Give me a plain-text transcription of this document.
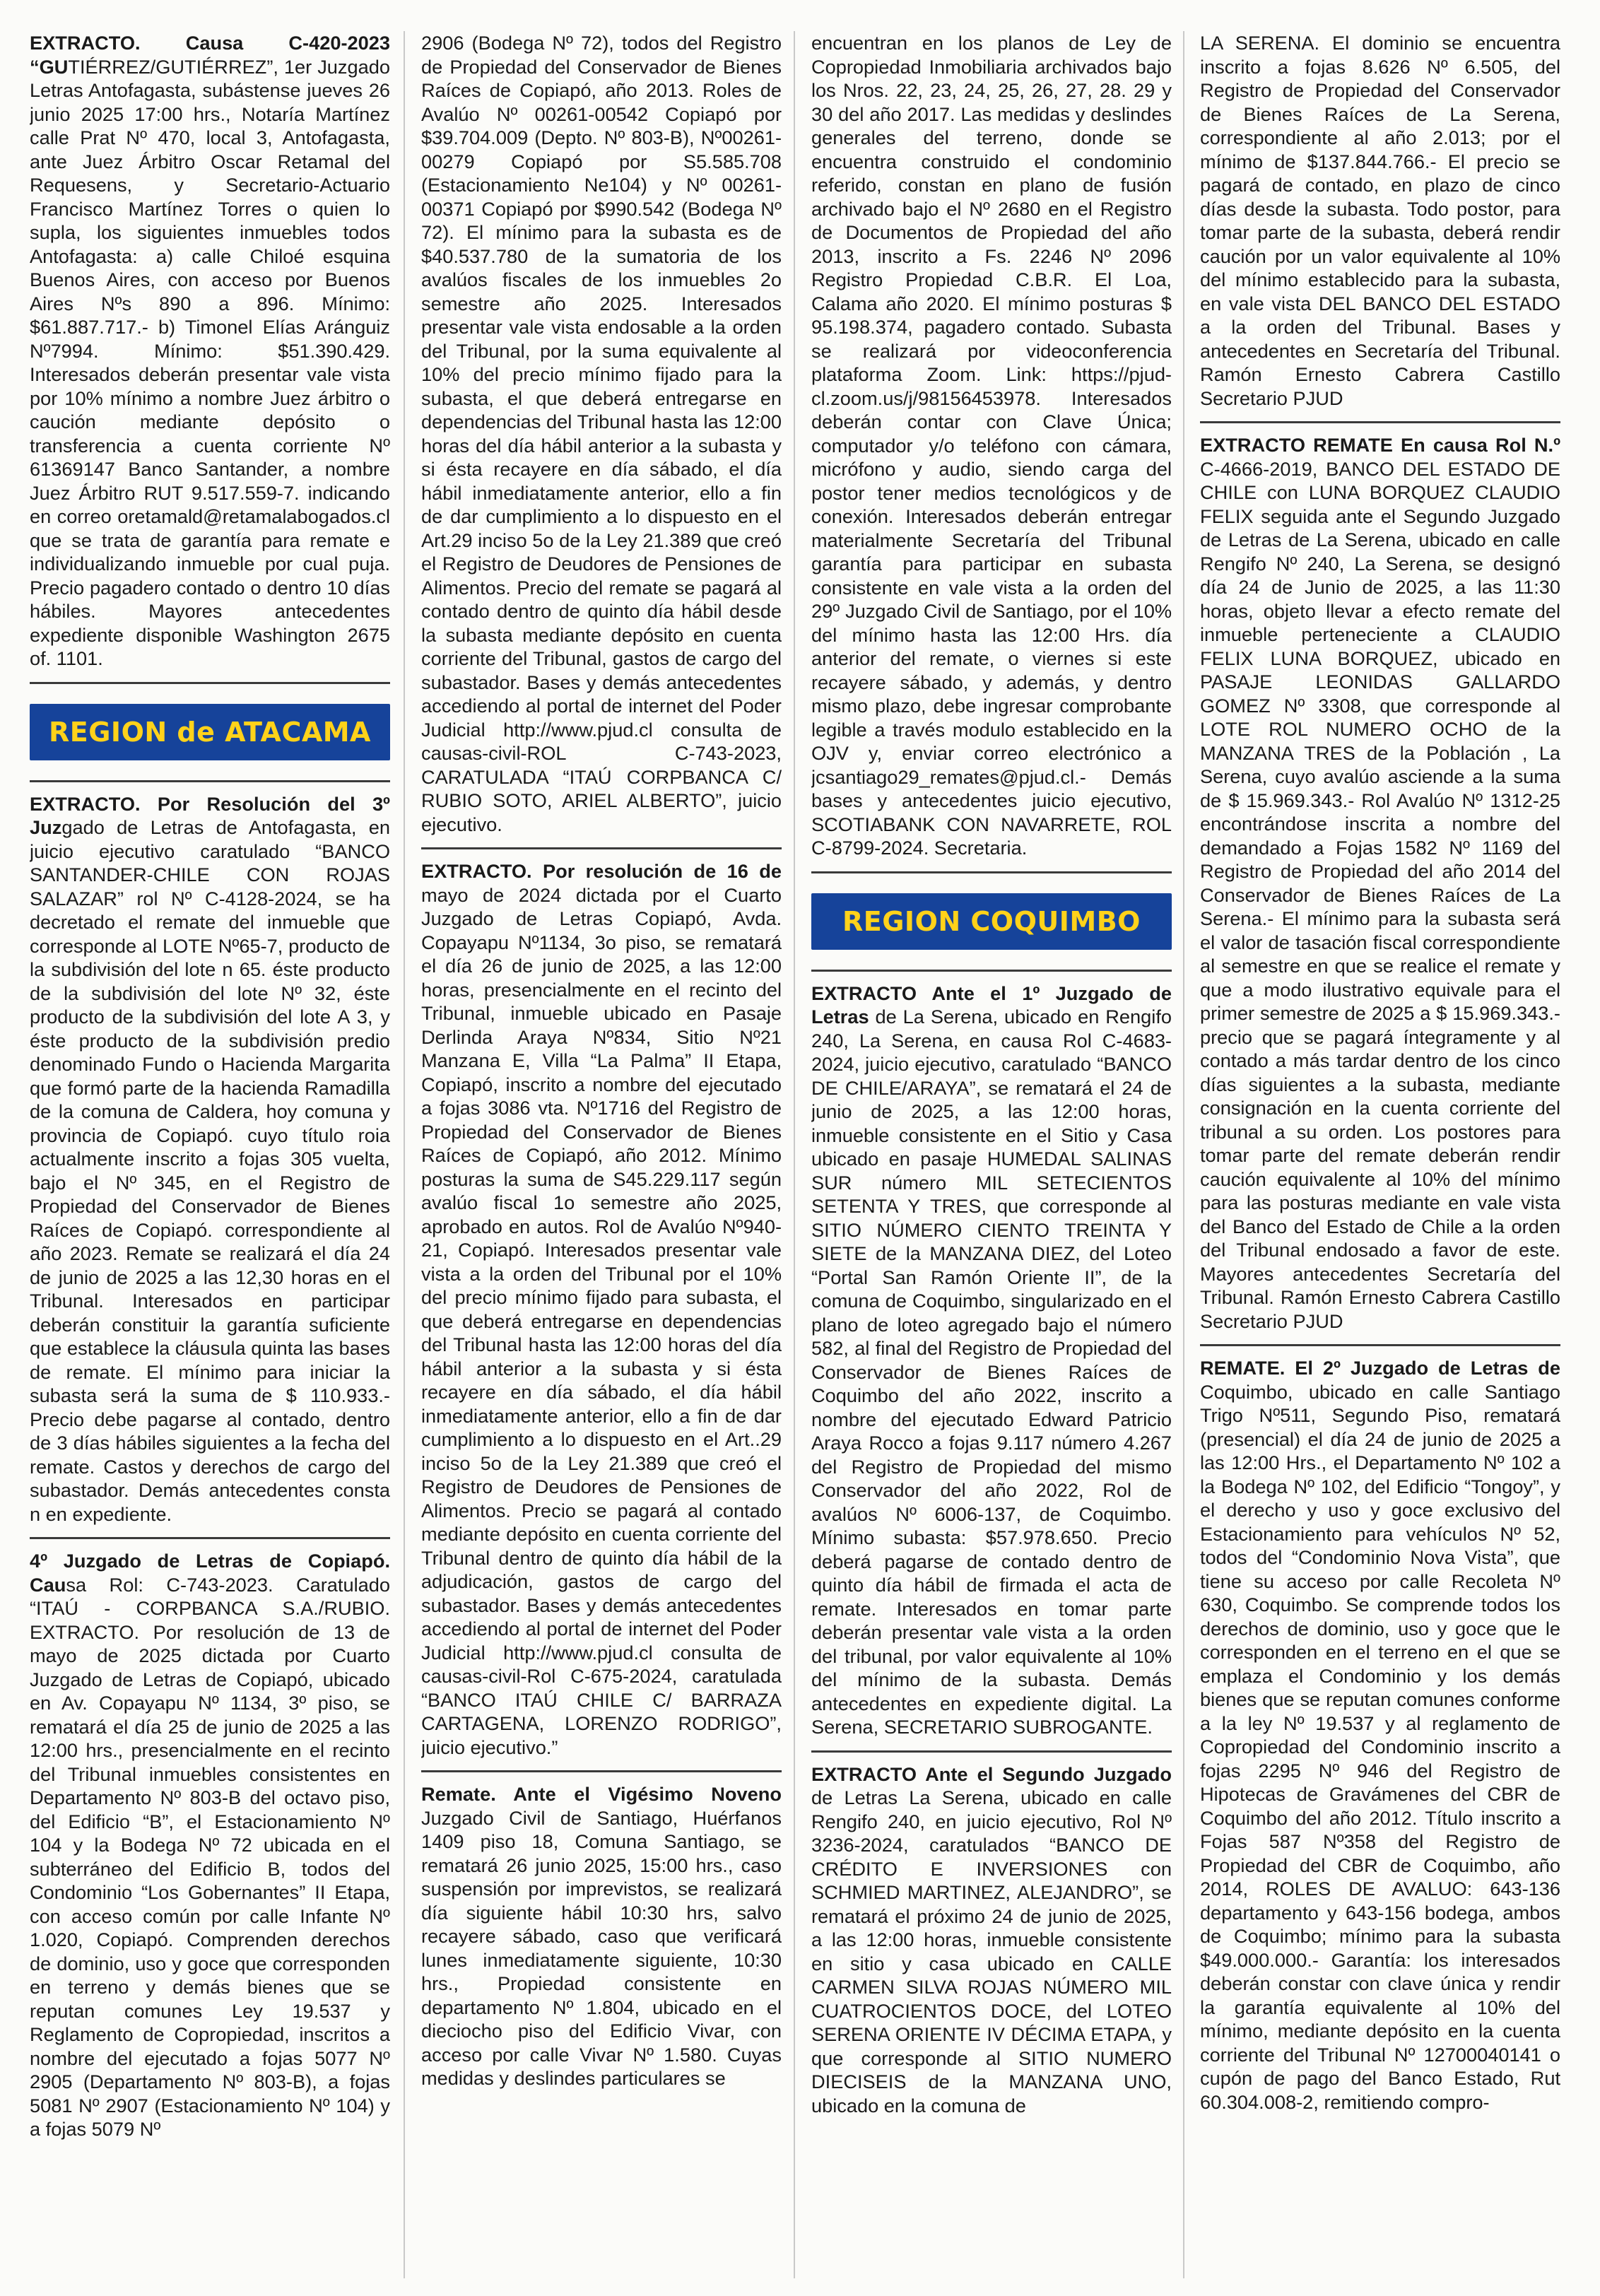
EXTRACTO. Causa C-420-2023 “GUTIÉRREZ/GUTIÉRREZ”, 1er Juzgado Letras Antofagasta, subástense jueves 26 junio 2025 17:00 hrs., Notaría Martínez calle Prat Nº 470, local 3, Antofagasta, ante Juez Árbitro Oscar Retamal del Requesens, y Secretario-Actuario Francisco Martínez Torres o quien lo supla, los siguientes inmuebles todos Antofagasta: a) calle Chiloé esquina Buenos Aires, con acceso por Buenos Aires Nºs 890 a 896. Mínimo: $61.887.717.- b) Timonel Elías Aránguiz Nº7994. Mínimo: $51.390.429. Interesados deberán presentar vale vista por 10% mínimo a nombre Juez árbitro o caución mediante depósito o transferencia a cuenta corriente Nº 61369147 Banco Santander, a nombre Juez Árbitro RUT 9.517.559-7. indicando en correo oretamald@retamalabogados.cl que se trata de garantía para remate e individualizando inmueble por cual puja. Precio pagadero contado o dentro 10 días hábiles. Mayores antecedentes expediente disponible Washington 2675 of. 1101.

REGION de ATACAMA

EXTRACTO. Por Resolución del 3º Juzgado de Letras de Antofagasta, en juicio ejecutivo caratulado “BANCO SANTANDER-CHILE CON ROJAS SALAZAR” rol Nº C-4128-2024, se ha decretado el remate del inmueble que corresponde al LOTE Nº65-7, producto de la subdivisión del lote n 65. éste producto de la subdivisión del lote Nº 32, éste producto de la subdivisión del lote A 3, y éste producto de la subdivisión predio denominado Fundo o Hacienda Margarita que formó parte de la hacienda Ramadilla de la comuna de Caldera, hoy comuna y provincia de Copiapó. cuyo título roia actualmente inscrito a fojas 305 vuelta, bajo el Nº 345, en el Registro de Propiedad del Conservador de Bienes Raíces de Copiapó. correspondiente al año 2023. Remate se realizará el día 24 de junio de 2025 a las 12,30 horas en el Tribunal. Interesados en participar deberán constituir la garantía suficiente que establece la cláusula quinta las bases de remate. El mínimo para iniciar la subasta será la suma de $ 110.933.- Precio debe pagarse al contado, dentro de 3 días hábiles siguientes a la fecha del remate. Castos y derechos de cargo del subastador. Demás antecedentes consta n en expediente.

4º Juzgado de Letras de Copiapó. Causa Rol: C-743-2023. Caratulado “ITAÚ - CORPBANCA S.A./RUBIO. EXTRACTO. Por resolución de 13 de mayo de 2025 dictada por Cuarto Juzgado de Letras de Copiapó, ubicado en Av. Copayapu Nº 1134, 3º piso, se rematará el día 25 de junio de 2025 a las 12:00 hrs., presencialmente en el recinto del Tribunal inmuebles consistentes en Departamento Nº 803-B del octavo piso, del Edificio “B”, el Estacionamiento Nº 104 y la Bodega Nº 72 ubicada en el subterráneo del Edificio B, todos del Condominio “Los Gobernantes” II Etapa, con acceso común por calle Infante Nº 1.020, Copiapó. Comprenden derechos de dominio, uso y goce que corresponden en terreno y demás bienes que se reputan comunes Ley 19.537 y Reglamento de Copropiedad, inscritos a nombre del ejecutado a fojas 5077 Nº 2905 (Departamento Nº 803-B), a fojas 5081 Nº 2907 (Estacionamiento Nº 104) y a fojas 5079 Nº

2906 (Bodega Nº 72), todos del Registro de Propiedad del Conservador de Bienes Raíces de Copiapó, año 2013. Roles de Avalúo Nº 00261-00542 Copiapó por $39.704.009 (Depto. Nº 803-B), Nº00261-00279 Copiapó por S5.585.708 (Estacionamiento Ne104) y Nº 00261-00371 Copiapó por $990.542 (Bodega Nº 72). El mínimo para la subasta es de $40.537.780 de la sumatoria de los avalúos fiscales de los inmuebles 2o semestre año 2025. Interesados presentar vale vista endosable a la orden del Tribunal, por la suma equivalente al 10% del precio mínimo fijado para la subasta, el que deberá entregarse en dependencias del Tribunal hasta las 12:00 horas del día hábil anterior a la subasta y si ésta recayere en día sábado, el día hábil inmediatamente anterior, ello a fin de dar cumplimiento a lo dispuesto en el Art.29 inciso 5o de la Ley 21.389 que creó el Registro de Deudores de Pensiones de Alimentos. Precio del remate se pagará al contado dentro de quinto día hábil desde la subasta mediante depósito en cuenta corriente del Tribunal, gastos de cargo del subastador. Bases y demás antecedentes accediendo al portal de internet del Poder Judicial http://www.pjud.cl consulta de causas-civil-ROL C-743-2023, CARATULADA “ITAÚ CORPBANCA C/ RUBIO SOTO, ARIEL ALBERTO”, juicio ejecutivo.

EXTRACTO. Por resolución de 16 de mayo de 2024 dictada por el Cuarto Juzgado de Letras Copiapó, Avda. Copayapu Nº1134, 3o piso, se rematará el día 26 de junio de 2025, a las 12:00 horas, presencialmente en el recinto del Tribunal, inmueble ubicado en Pasaje Derlinda Araya Nº834, Sitio Nº21 Manzana E, Villa “La Palma” II Etapa, Copiapó, inscrito a nombre del ejecutado a fojas 3086 vta. Nº1716 del Registro de Propiedad del Conservador de Bienes Raíces de Copiapó, año 2012. Mínimo posturas la suma de S45.229.117 según avalúo fiscal 1o semestre año 2025, aprobado en autos. Rol de Avalúo Nº940-21, Copiapó. Interesados presentar vale vista a la orden del Tribunal por el 10% del precio mínimo fijado para subasta, el que deberá entregarse en dependencias del Tribunal hasta las 12:00 horas del día hábil anterior a la subasta y si ésta recayere en día sábado, el día hábil inmediatamente anterior, ello a fin de dar cumplimiento a lo dispuesto en el Art..29 inciso 5o de la Ley 21.389 que creó el Registro de Deudores de Pensiones de Alimentos. Precio se pagará al contado mediante depósito en cuenta corriente del Tribunal dentro de quinto día hábil de la adjudicación, gastos de cargo del subastador. Bases y demás antecedentes accediendo al portal de internet del Poder Judicial http://www.pjud.cl consulta de causas-civil-Rol C-675-2024, caratulada “BANCO ITAÚ CHILE C/ BARRAZA CARTAGENA, LORENZO RODRIGO”, juicio ejecutivo.”

Remate. Ante el Vigésimo Noveno Juzgado Civil de Santiago, Huérfanos 1409 piso 18, Comuna Santiago, se rematará 26 junio 2025, 15:00 hrs., caso suspensión por imprevistos, se realizará día siguiente hábil 10:30 hrs, salvo recayere sábado, caso que verificará lunes inmediatamente siguiente, 10:30 hrs., Propiedad consistente en departamento Nº 1.804, ubicado en el dieciocho piso del Edificio Vivar, con acceso por calle Vivar Nº 1.580. Cuyas medidas y deslindes particulares se

encuentran en los planos de Ley de Copropiedad Inmobiliaria archivados bajo los Nros. 22, 23, 24, 25, 26, 27, 28. 29 y 30 del año 2017. Las medidas y deslindes generales del terreno, donde se encuentra construido el condominio referido, constan en plano de fusión archivado bajo el Nº 2680 en el Registro de Documentos de Propiedad del año 2013, inscrito a Fs. 2246 Nº 2096 Registro Propiedad C.B.R. El Loa, Calama año 2020. El mínimo posturas $ 95.198.374, pagadero contado. Subasta se realizará por videoconferencia plataforma Zoom. Link: https://pjud-cl.zoom.us/j/98156453978. Interesados deberán contar con Clave Única; computador y/o teléfono con cámara, micrófono y audio, siendo carga del postor tener medios tecnológicos y de conexión. Interesados deberán entregar materialmente Secretaría del Tribunal garantía para participar en subasta consistente en vale vista a la orden del 29º Juzgado Civil de Santiago, por el 10% del mínimo hasta las 12:00 Hrs. día anterior del remate, o viernes si este recayere sábado, y además, y dentro mismo plazo, debe ingresar comprobante legible a través modulo establecido en la OJV y, enviar correo electrónico a jcsantiago29_remates@pjud.cl.- Demás bases y antecedentes juicio ejecutivo, SCOTIABANK CON NAVARRETE, ROL C-8799-2024. Secretaria.

REGION COQUIMBO

EXTRACTO Ante el 1º Juzgado de Letras de La Serena, ubicado en Rengifo 240, La Serena, en causa Rol C-4683-2024, juicio ejecutivo, caratulado “BANCO DE CHILE/ARAYA”, se rematará el 24 de junio de 2025, a las 12:00 horas, inmueble consistente en el Sitio y Casa ubicado en pasaje HUMEDAL SALINAS SUR número MIL SETECIENTOS SETENTA Y TRES, que corresponde al SITIO NÚMERO CIENTO TREINTA Y SIETE de la MANZANA DIEZ, del Loteo “Portal San Ramón Oriente II”, de la comuna de Coquimbo, singularizado en el plano de loteo agregado bajo el número 582, al final del Registro de Propiedad del Conservador de Bienes Raíces de Coquimbo del año 2022, inscrito a nombre del ejecutado Edward Patricio Araya Rocco a fojas 9.117 número 4.267 del Registro de Propiedad del mismo Conservador del año 2022, Rol de avalúos Nº 6006-137, de Coquimbo. Mínimo subasta: $57.978.650. Precio deberá pagarse de contado dentro de quinto día hábil de firmada el acta de remate. Interesados en tomar parte deberán presentar vale vista a la orden del tribunal, por valor equivalente al 10% del mínimo de la subasta. Demás antecedentes en expediente digital. La Serena, SECRETARIO SUBROGANTE.

EXTRACTO Ante el Segundo Juzgado de Letras La Serena, ubicado en calle Rengifo 240, en juicio ejecutivo, Rol Nº 3236-2024, caratulados “BANCO DE CRÉDITO E INVERSIONES con SCHMIED MARTINEZ, ALEJANDRO”, se rematará el próximo 24 de junio de 2025, a las 12:00 horas, inmueble consistente en sitio y casa ubicado en CALLE CARMEN SILVA ROJAS NÚMERO MIL CUATROCIENTOS DOCE, del LOTEO SERENA ORIENTE IV DÉCIMA ETAPA, y que corresponde al SITIO NUMERO DIECISEIS de la MANZANA UNO, ubicado en la comuna de

LA SERENA. El dominio se encuentra inscrito a fojas 8.626 Nº 6.505, del Registro de Propiedad del Conservador de Bienes Raíces de La Serena, correspondiente al año 2.013; por el mínimo de $137.844.766.- El precio se pagará de contado, en plazo de cinco días desde la subasta. Todo postor, para tomar parte de la subasta, deberá rendir caución por un valor equivalente al 10% del mínimo establecido para la subasta, en vale vista DEL BANCO DEL ESTADO a la orden del Tribunal. Bases y antecedentes en Secretaría del Tribunal. Ramón Ernesto Cabrera Castillo Secretario PJUD

EXTRACTO REMATE En causa Rol N.º C-4666-2019, BANCO DEL ESTADO DE CHILE con LUNA BORQUEZ CLAUDIO FELIX seguida ante el Segundo Juzgado de Letras de La Serena, ubicado en calle Rengifo Nº 240, La Serena, se designó día 24 de Junio de 2025, a las 11:30 horas, objeto llevar a efecto remate del inmueble perteneciente a CLAUDIO FELIX LUNA BORQUEZ, ubicado en PASAJE LEONIDAS GALLARDO GOMEZ Nº 3308, que corresponde al LOTE ROL NUMERO OCHO de la MANZANA TRES de la Población , La Serena, cuyo avalúo asciende a la suma de $ 15.969.343.- Rol Avalúo Nº 1312-25 encontrándose inscrita a nombre del demandado a Fojas 1582 Nº 1169 del Registro de Propiedad del año 2014 del Conservador de Bienes Raíces de La Serena.- El mínimo para la subasta será el valor de tasación fiscal correspondiente al semestre en que se realice el remate y que a modo ilustrativo equivale para el primer semestre de 2025 a $ 15.969.343.- precio que se pagará íntegramente y al contado a más tardar dentro de los cinco días siguientes a la subasta, mediante consignación en la cuenta corriente del tribunal a su orden. Los postores para tomar parte del remate deberán rendir caución equivalente al 10% del mínimo para las posturas mediante en vale vista del Banco del Estado de Chile a la orden del Tribunal endosado a favor de este. Mayores antecedentes Secretaría del Tribunal. Ramón Ernesto Cabrera Castillo Secretario PJUD

REMATE. El 2º Juzgado de Letras de Coquimbo, ubicado en calle Santiago Trigo Nº511, Segundo Piso, rematará (presencial) el día 24 de junio de 2025 a las 12:00 Hrs., el Departamento Nº 102 a la Bodega Nº 102, del Edificio “Tongoy”, y el derecho y uso y goce exclusivo del Estacionamiento para vehículos Nº 52, todos del “Condominio Nova Vista”, que tiene su acceso por calle Recoleta Nº 630, Coquimbo. Se comprende todos los derechos de dominio, uso y goce que le corresponden en el terreno en el que se emplaza el Condominio y los demás bienes que se reputan comunes conforme a la ley Nº 19.537 y al reglamento de Copropiedad del Condominio inscrito a fojas 2295 Nº 946 del Registro de Hipotecas de Gravámenes del CBR de Coquimbo del año 2012. Título inscrito a Fojas 587 Nº358 del Registro de Propiedad del CBR de Coquimbo, año 2014, ROLES DE AVALUO: 643-136 departamento y 643-156 bodega, ambos de Coquimbo; mínimo para la subasta $49.000.000.- Garantía: los interesados deberán constar con clave única y rendir la garantía equivalente al 10% del mínimo, mediante depósito en la cuenta corriente del Tribunal Nº 12700040141 o cupón de pago del Banco Estado, Rut 60.304.008-2, remitiendo compro-
